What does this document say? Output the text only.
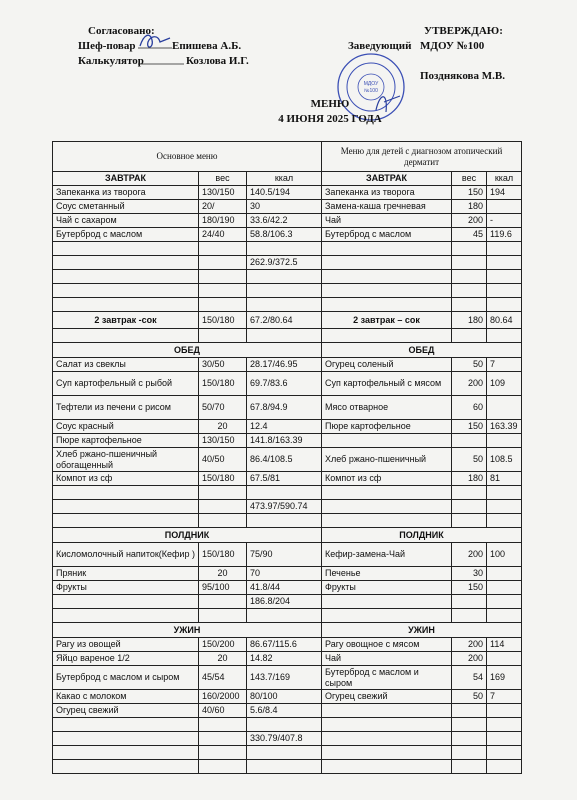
Согласовано:
Шеф-повар	Епишева А.Б.
Калькулятор	Козлова И.Г.
УТВЕРЖДАЮ:
Заведующий МДОУ №100
Позднякова М.В.
МДОУ
№100
МЕНЮ
4 ИЮНЯ 2025 ГОДА
Основное меню			Меню для детей с диагнозом атопический дерматит		
ЗАВТРАК	вес	ккал	ЗАВТРАК	вес	ккал
Запеканка из творога	130/150	140.5/194	Запеканка из творога	150	194
Соус сметанный	20/	30	Замена-каша гречневая	180	
Чай с сахаром	180/190	33.6/42.2	Чай	200	-
Бутерброд с маслом	24/40	58.8/106.3	Бутерброд с маслом	45	119.6

		262.9/372.5			

2 завтрак -сок	150/180	67.2/80.64	2 завтрак – сок	180	80.64

ОБЕД			ОБЕД		
Салат из свеклы	30/50	28.17/46.95	Огурец соленый	50	7
Суп картофельный с рыбой	150/180	69.7/83.6	Суп картофельный с мясом	200	109
Тефтели из печени с рисом	50/70	67.8/94.9	Мясо отварное	60	
Соус красный	20	12.4	Пюре картофельное	150	163.39
Пюре картофельное	130/150	141.8/163.39			
Хлеб ржано-пшеничный обогащенный	40/50	86.4/108.5	Хлеб ржано-пшеничный	50	108.5
Компот из сф	150/180	67.5/81	Компот из сф	180	81

		473.97/590.74			

ПОЛДНИК			ПОЛДНИК		
Кисломолочный напиток(Кефир )	150/180	75/90	Кефир-замена-Чай	200	100
Пряник	20	70	Печенье	30	
Фрукты	95/100	41.8/44	Фрукты	150	
		186.8/204			

УЖИН			УЖИН		
Рагу из овощей	150/200	86.67/115.6	Рагу овощное с мясом	200	114
Яйцо вареное 1/2	20	14.82	Чай	200	
Бутерброд с маслом и сыром	45/54	143.7/169	Бутерброд с маслом и сыром	54	169
Какао с молоком	160/2000	80/100	Огурец свежий	50	7
Огурец свежий	40/60	5.6/8.4			

		330.79/407.8			
